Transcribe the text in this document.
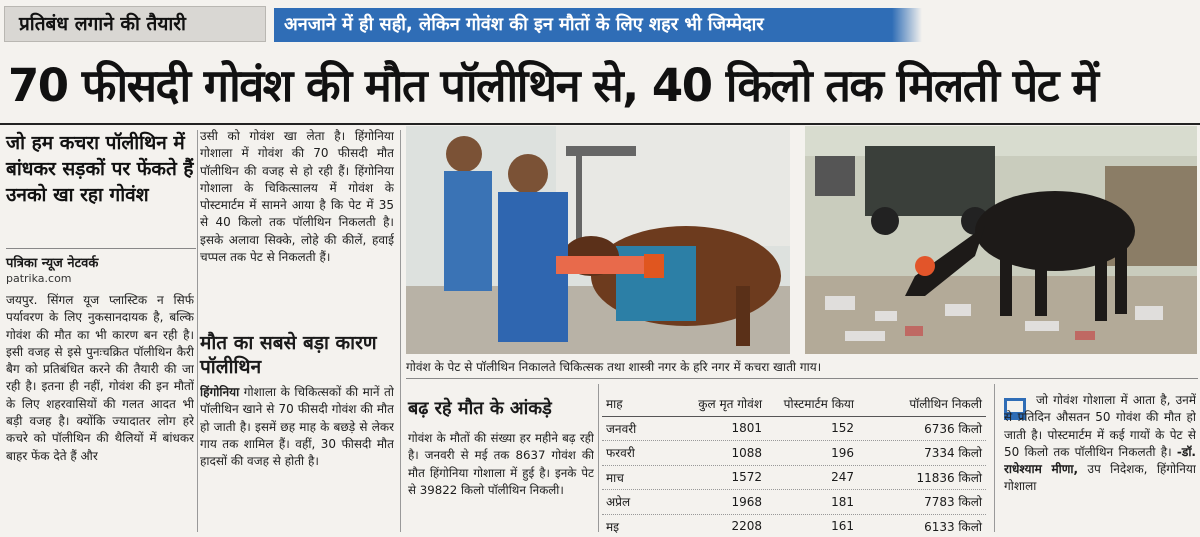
प्रतिबंध लगाने की तैयारी	अनजाने में ही सही, लेकिन गोवंश की इन मौतों के लिए शहर भी जिम्मेदार
70 फीसदी गोवंश की मौत पॉलीथिन से, 40 किलो तक मिलती पेट में
जो हम कचरा पॉलीथिन में बांधकर सड़कों पर फेंकते हैं उनको खा रहा गोवंश
पत्रिका न्यूज नेटवर्क
patrika.com
जयपुर. सिंगल यूज प्लास्टिक न सिर्फ पर्यावरण के लिए नुकसानदायक है, बल्कि गोवंश की मौत का भी कारण बन रही है। इसी वजह से इसे पुनःचक्रित पॉलीथिन कैरी बैग को प्रतिबंधित करने की तैयारी की जा रही है। इतना ही नहीं, गोवंश की इन मौतों के लिए शहरवासियों की गलत आदत भी बड़ी वजह है। क्योंकि ज्यादातर लोग हरे कचरे को पॉलीथिन की थैलियों में बांधकर बाहर फेंक देते हैं और
उसी को गोवंश खा लेता है। हिंगोनिया गोशाला में गोवंश की 70 फीसदी मौत पॉलीथिन की वजह से हो रही हैं। हिंगोनिया गोशाला के चिकित्सालय में गोवंश के पोस्टमार्टम में सामने आया है कि पेट में 35 से 40 किलो तक पॉलीथिन निकलती है। इसके अलावा सिक्के, लोहे की कीलें, हवाई चप्पल तक पेट से निकलती हैं।
मौत का सबसे बड़ा कारण पॉलीथिन
हिंगोनिया गोशाला के चिकित्सकों की मानें तो पॉलीथिन खाने से 70 फीसदी गोवंश की मौत हो जाती है। इसमें छह माह के बछड़े से लेकर गाय तक शामिल हैं। वहीं, 30 फीसदी मौत हादसों की वजह से होती है।
गोवंश के पेट से पॉलीथिन निकालते चिकित्सक तथा शास्त्री नगर के हरि नगर में कचरा खाती गाय।
बढ़ रहे मौत के आंकड़े
गोवंश के मौतों की संख्या हर महीने बढ़ रही है। जनवरी से मई तक 8637 गोवंश की मौत हिंगोनिया गोशाला में हुई है। इनके पेट से 39822 किलो पॉलीथिन निकली।
माह	कुल मृत गोवंश	पोस्टमार्टम किया	पॉलीथिन निकली
जनवरी	1801	152	6736 किलो
फरवरी	1088	196	7334 किलो
माच	1572	247	11836 किलो
अप्रेल	1968	181	7783 किलो
मइ	2208	161	6133 किलो

जो गोवंश गोशाला में आता है, उनमें से प्रतिदिन औसतन 50 गोवंश की मौत हो जाती है। पोस्टमार्टम में कई गायों के पेट से 50 किलो तक पॉलीथिन निकलती है। -डॉ. राधेश्याम मीणा, उप निदेशक, हिंगोनिया गोशाला
